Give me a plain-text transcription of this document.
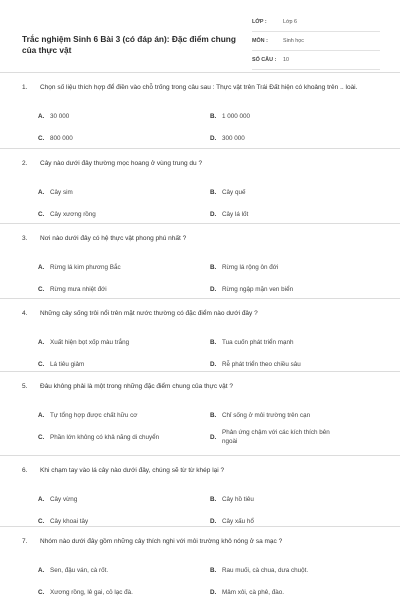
Trắc nghiệm Sinh 6 Bài 3 (có đáp án): Đặc điểm chung của thực vật
LỚP :	Lớp 6
MÔN :	Sinh học
SỐ CÂU :	10
1.	Chọn số liệu thích hợp để điền vào chỗ trống trong câu sau : Thực vật trên Trái Đất hiện có khoảng trên .. loài.
A. 30 000	B. 1 000 000
C. 800 000	D. 300 000
2.	Cây nào dưới đây thường mọc hoang ở vùng trung du ?
A. Cây sim	B. Cây quế
C. Cây xương rồng	D. Cây lá lốt
3.	Nơi nào dưới đây có hệ thực vật phong phú nhất ?
A. Rừng lá kim phương Bắc	B. Rừng lá rộng ôn đới
C. Rừng mưa nhiệt đới	D. Rừng ngập mặn ven biển
4.	Những cây sống trôi nổi trên mặt nước thường có đặc điểm nào dưới đây ?
A. Xuất hiện bọt xốp màu trắng	B. Tua cuốn phát triển mạnh
C. Lá tiêu giảm	D. Rễ phát triển theo chiều sâu
5.	Đâu không phải là một trong những đặc điểm chung của thực vật ?
A. Tự tổng hợp được chất hữu cơ	B. Chỉ sống ở môi trường trên cạn
C. Phần lớn không có khả năng di chuyển	D.
Phản ứng chậm với các kích thích bên ngoài
6.	Khi chạm tay vào lá cây nào dưới đây, chúng sẽ từ từ khép lại ?
A. Cây vừng	B. Cây hồ tiêu
C. Cây khoai tây	D. Cây xấu hổ
7.	Nhóm nào dưới đây gồm những cây thích nghi với môi trường khô nóng ở sa mạc ?
A. Sen, đậu ván, cà rốt.	B. Rau muối, cà chua, dưa chuột.
C. Xương rồng, lê gai, cỏ lạc đà.	D. Mâm xôi, cà phê, đào.
